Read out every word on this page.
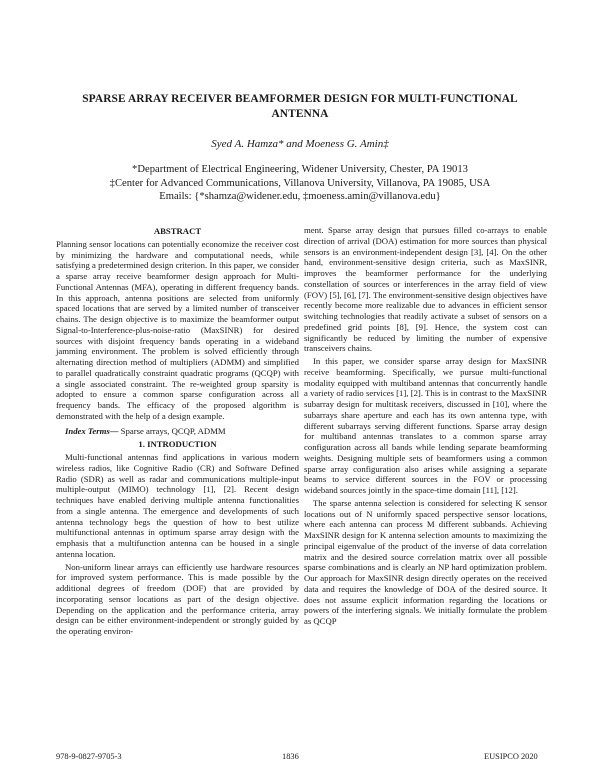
SPARSE ARRAY RECEIVER BEAMFORMER DESIGN FOR MULTI-FUNCTIONAL ANTENNA
Syed A. Hamza* and Moeness G. Amin‡
*Department of Electrical Engineering, Widener University, Chester, PA 19013
‡Center for Advanced Communications, Villanova University, Villanova, PA 19085, USA
Emails: {*shamza@widener.edu, ‡moeness.amin@villanova.edu}
ABSTRACT

Planning sensor locations can potentially economize the receiver cost by minimizing the hardware and computational needs, while satisfying a predetermined design criterion. In this paper, we consider a sparse array receive beamformer design approach for Multi-Functional Antennas (MFA), operating in different frequency bands. In this approach, antenna positions are selected from uniformly spaced locations that are served by a limited number of transceiver chains. The design objective is to maximize the beamformer output Signal-to-Interference-plus-noise-ratio (MaxSINR) for desired sources with disjoint frequency bands operating in a wideband jamming environment. The problem is solved efficiently through alternating direction method of multipliers (ADMM) and simplified to parallel quadratically constraint quadratic programs (QCQP) with a single associated constraint. The re-weighted group sparsity is adopted to ensure a common sparse configuration across all frequency bands. The efficacy of the proposed algorithm is demonstrated with the help of a design example.

Index Terms— Sparse arrays, QCQP, ADMM
1. INTRODUCTION

Multi-functional antennas find applications in various modern wireless radios, like Cognitive Radio (CR) and Software Defined Radio (SDR) as well as radar and communications multiple-input multiple-output (MIMO) technology [1], [2]. Recent design techniques have enabled deriving multiple antenna functionalities from a single antenna. The emergence and developments of such antenna technology begs the question of how to best utilize multifunctional antennas in optimum sparse array design with the emphasis that a multifunction antenna can be housed in a single antenna location.

Non-uniform linear arrays can efficiently use hardware resources for improved system performance. This is made possible by the additional degrees of freedom (DOF) that are provided by incorporating sensor locations as part of the design objective. Depending on the application and the performance criteria, array design can be either environment-independent or strongly guided by the operating environ-

ment. Sparse array design that pursues filled co-arrays to enable direction of arrival (DOA) estimation for more sources than physical sensors is an environment-independent design [3], [4]. On the other hand, environment-sensitive design criteria, such as MaxSINR, improves the beamformer performance for the underlying constellation of sources or interferences in the array field of view (FOV) [5], [6], [7]. The environment-sensitive design objectives have recently become more realizable due to advances in efficient sensor switching technologies that readily activate a subset of sensors on a predefined grid points [8], [9]. Hence, the system cost can significantly be reduced by limiting the number of expensive transceivers chains.

In this paper, we consider sparse array design for MaxSINR receive beamforming. Specifically, we pursue multi-functional modality equipped with multiband antennas that concurrently handle a variety of radio services [1], [2]. This is in contrast to the MaxSINR subarray design for multitask receivers, discussed in [10], where the subarrays share aperture and each has its own antenna type, with different subarrays serving different functions. Sparse array design for multiband antennas translates to a common sparse array configuration across all bands while lending separate beamforming weights. Designing multiple sets of beamformers using a common sparse array configuration also arises while assigning a separate beams to service different sources in the FOV or processing wideband sources jointly in the space-time domain [11], [12].

The sparse antenna selection is considered for selecting K sensor locations out of N uniformly spaced perspective sensor locations, where each antenna can process M different subbands. Achieving MaxSINR design for K antenna selection amounts to maximizing the principal eigenvalue of the product of the inverse of data correlation matrix and the desired source correlation matrix over all possible sparse combinations and is clearly an NP hard optimization problem. Our approach for MaxSINR design directly operates on the received data and requires the knowledge of DOA of the desired source. It does not assume explicit information regarding the locations or powers of the interfering signals. We initially formulate the problem as QCQP

978-9-0827-9705-3	1836	EUSIPCO 2020
